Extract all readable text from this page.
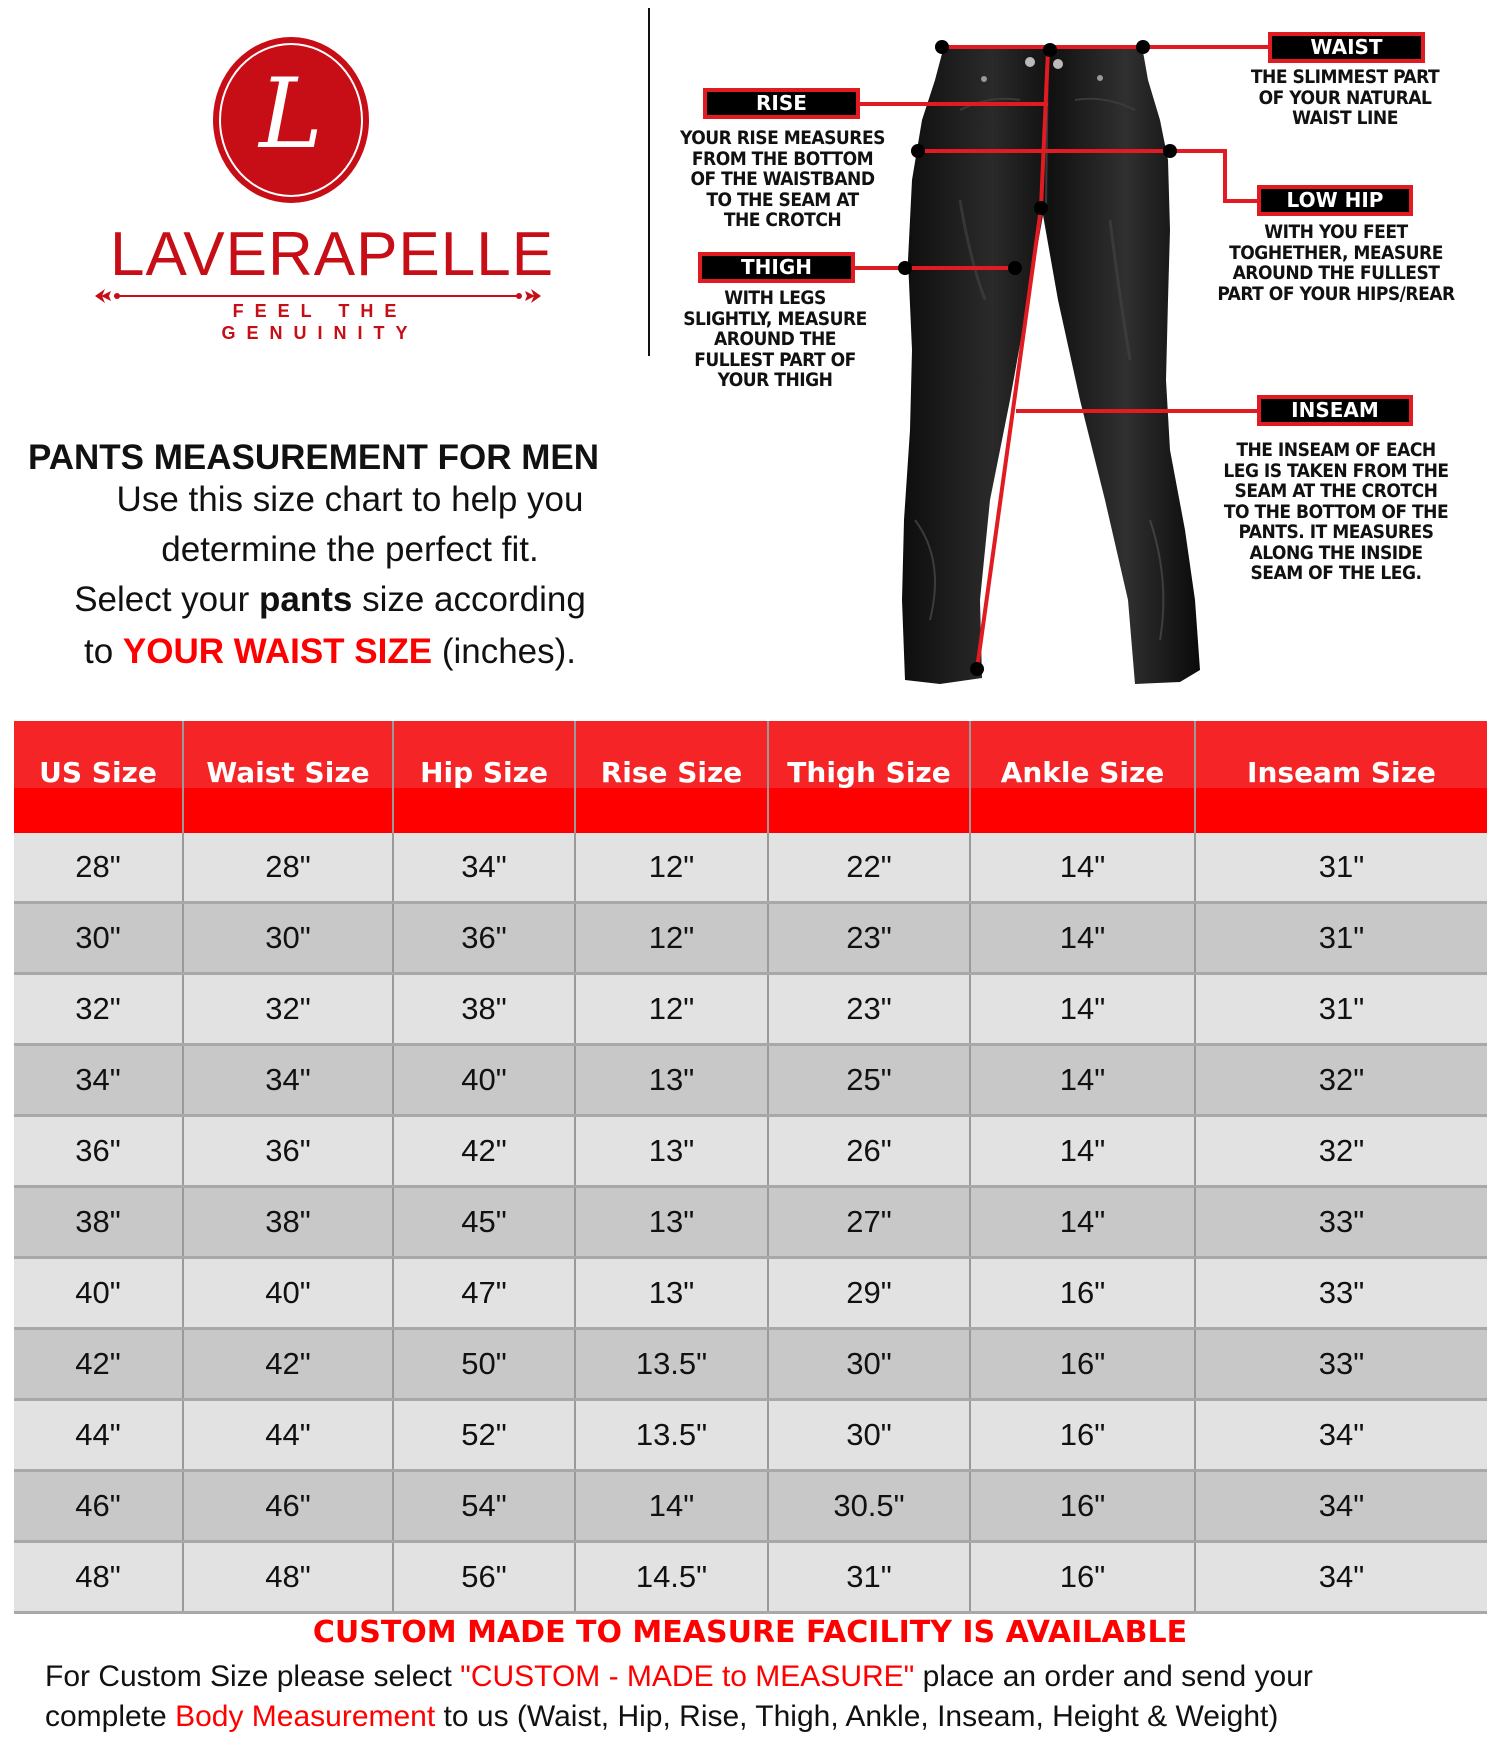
L
LAVERAPELLE
FEEL THE GENUINITY
PANTS MEASUREMENT FOR MEN
Use this size chart to help you
determine the perfect fit.
Select your pants size according
to YOUR WAIST SIZE (inches).
WAIST
THE SLIMMEST PART
OF YOUR NATURAL
WAIST LINE
RISE
YOUR RISE MEASURES
FROM THE BOTTOM
OF THE WAISTBAND
TO THE SEAM AT
THE CROTCH
LOW HIP
WITH YOU FEET
TOGHETHER, MEASURE
AROUND THE FULLEST
PART OF YOUR HIPS/REAR
THIGH
WITH LEGS
SLIGHTLY, MEASURE
AROUND THE
FULLEST PART OF
YOUR THIGH
INSEAM
THE INSEAM OF EACH
LEG IS TAKEN FROM THE
SEAM AT THE CROTCH
TO THE BOTTOM OF THE
PANTS. IT MEASURES
ALONG THE INSIDE
SEAM OF THE LEG.
US Size	Waist Size	Hip Size	Rise Size	Thigh Size	Ankle Size	Inseam Size
28"	28"	34"	12"	22"	14"	31"
30"	30"	36"	12"	23"	14"	31"
32"	32"	38"	12"	23"	14"	31"
34"	34"	40"	13"	25"	14"	32"
36"	36"	42"	13"	26"	14"	32"
38"	38"	45"	13"	27"	14"	33"
40"	40"	47"	13"	29"	16"	33"
42"	42"	50"	13.5"	30"	16"	33"
44"	44"	52"	13.5"	30"	16"	34"
46"	46"	54"	14"	30.5"	16"	34"
48"	48"	56"	14.5"	31"	16"	34"
CUSTOM MADE TO MEASURE FACILITY IS AVAILABLE
For Custom Size please select "CUSTOM - MADE to MEASURE" place an order and send your
complete Body Measurement to us (Waist, Hip, Rise, Thigh, Ankle, Inseam, Height & Weight)
